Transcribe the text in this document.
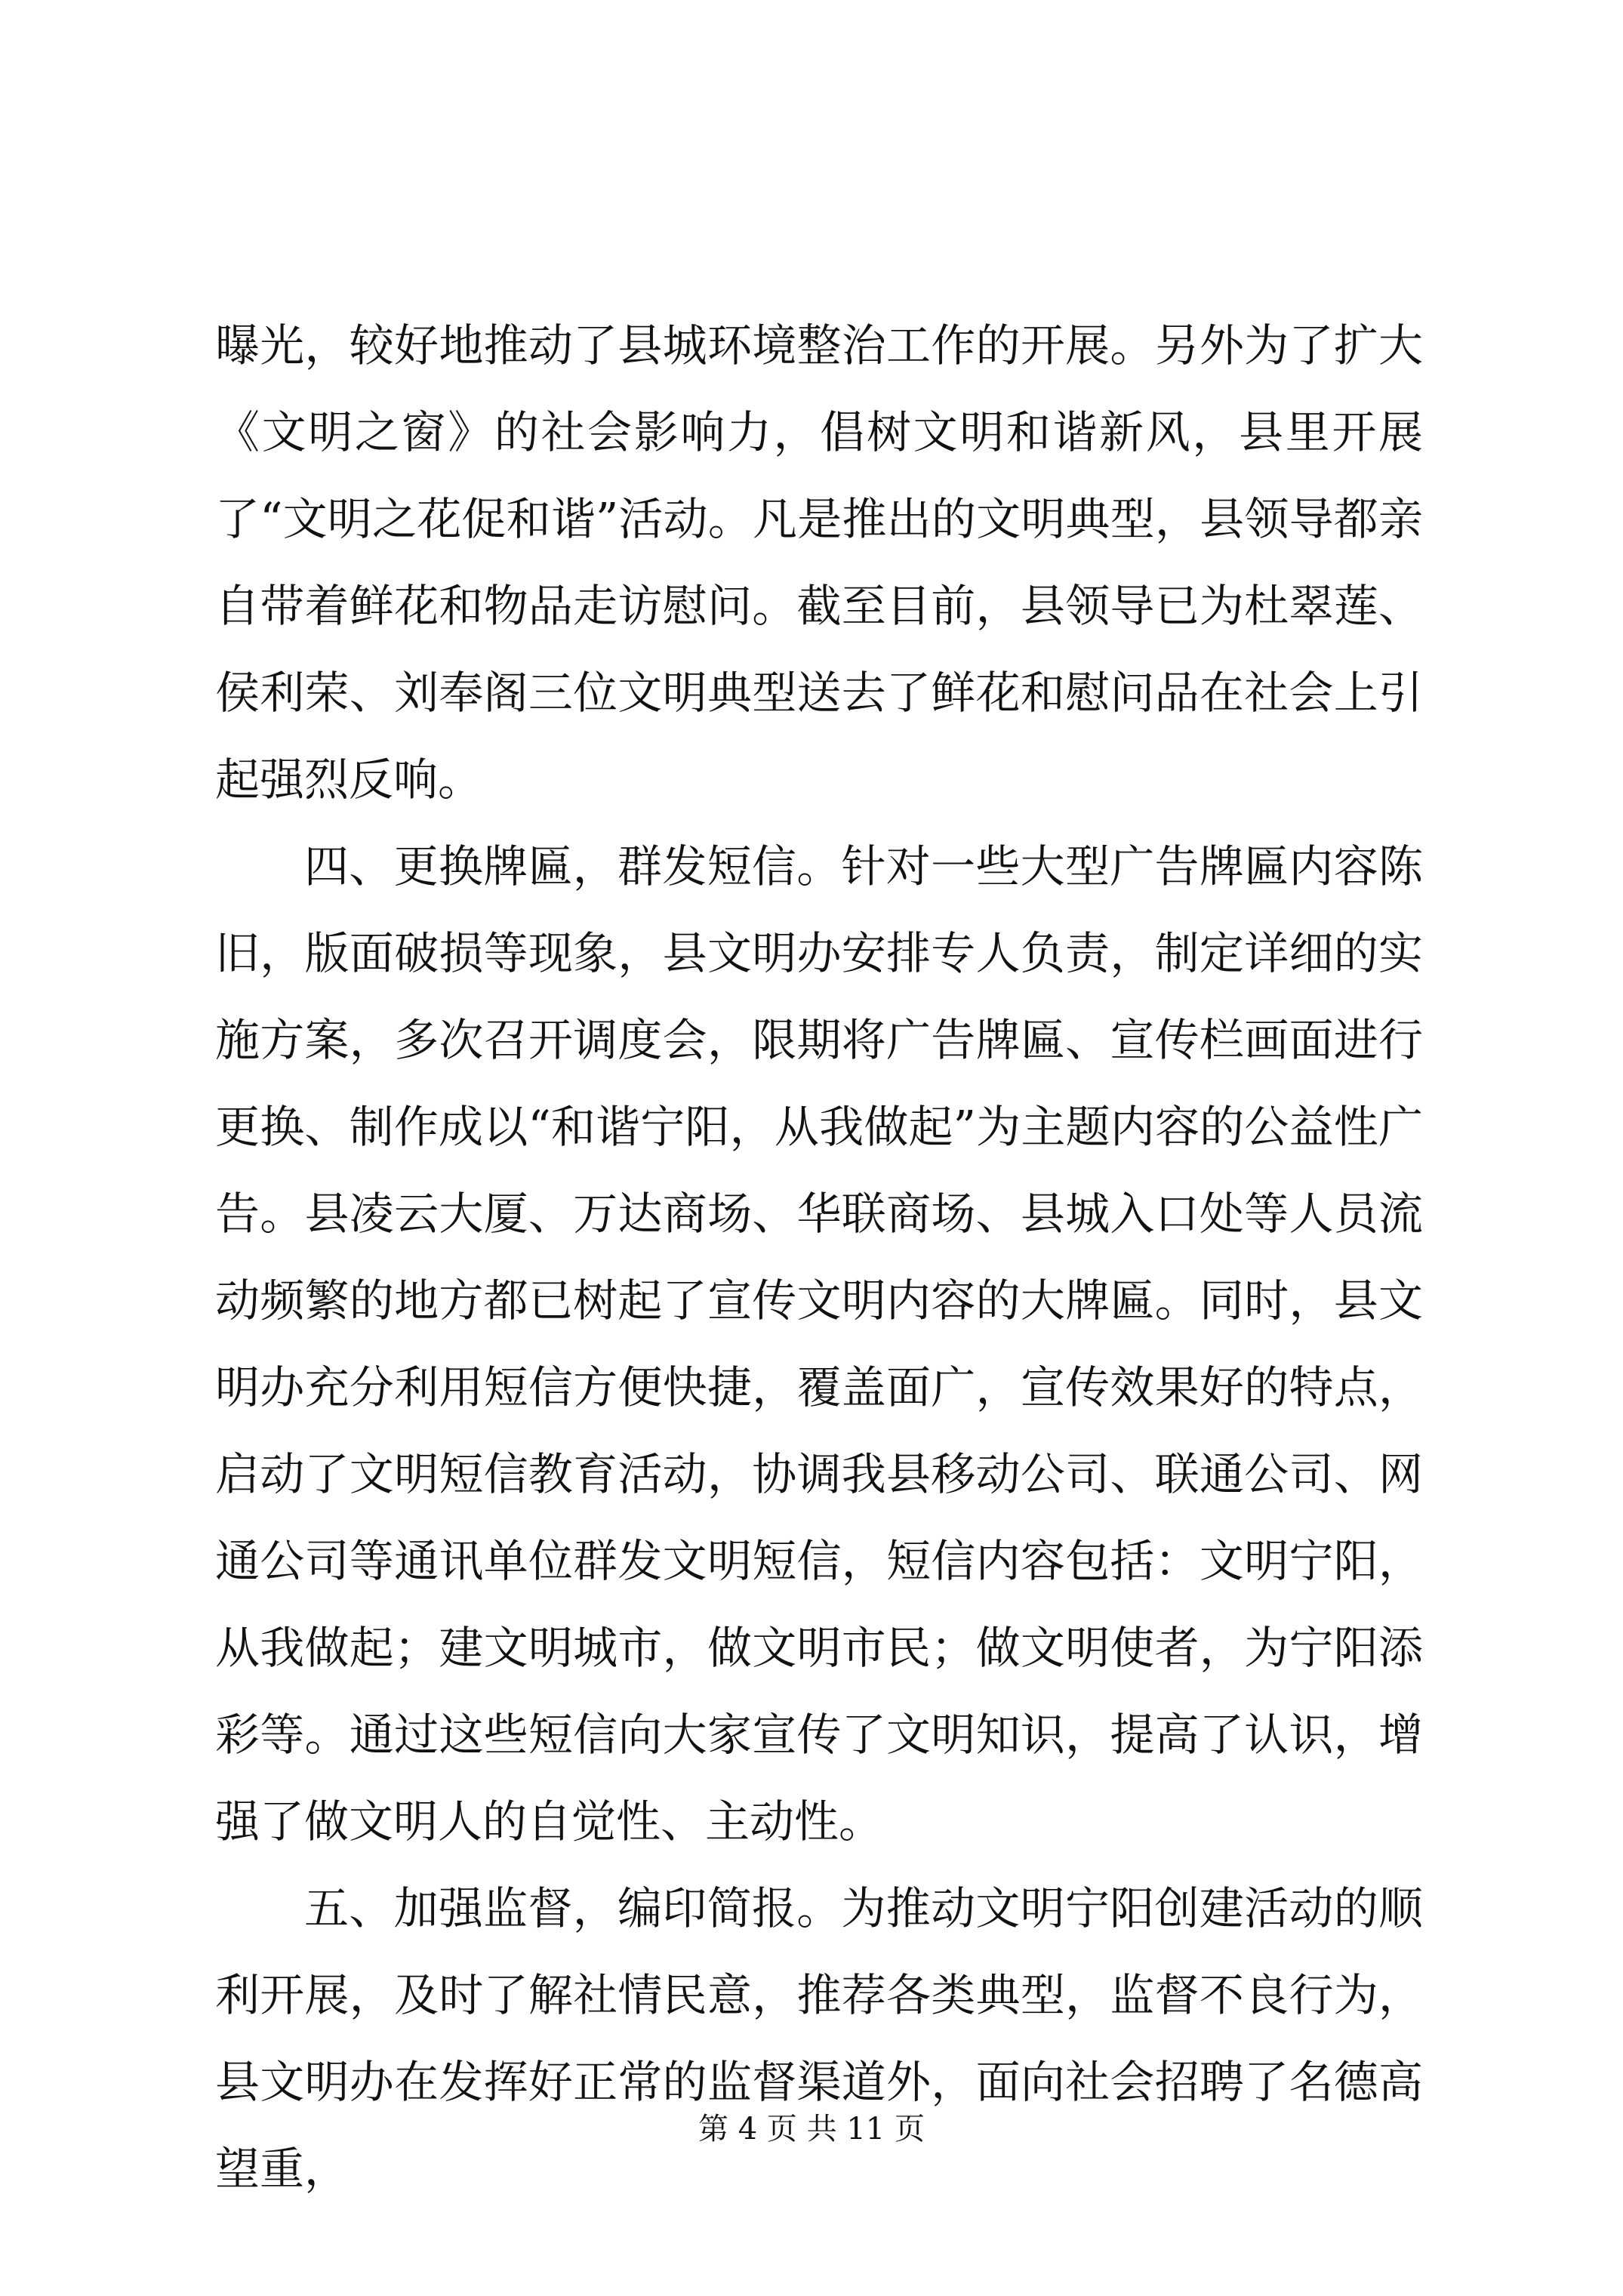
曝光，较好地推动了县城环境整治工作的开展。另外为了扩大《文明之窗》的社会影响力，倡树文明和谐新风，县里开展了“文明之花促和谐”活动。凡是推出的文明典型，县领导都亲自带着鲜花和物品走访慰问。截至目前，县领导已为杜翠莲、侯利荣、刘奉阁三位文明典型送去了鲜花和慰问品在社会上引起强烈反响。

四、更换牌匾，群发短信。针对一些大型广告牌匾内容陈旧，版面破损等现象，县文明办安排专人负责，制定详细的实施方案，多次召开调度会，限期将广告牌匾、宣传栏画面进行更换、制作成以“和谐宁阳，从我做起”为主题内容的公益性广告。县凌云大厦、万达商场、华联商场、县城入口处等人员流动频繁的地方都已树起了宣传文明内容的大牌匾。同时，县文明办充分利用短信方便快捷，覆盖面广，宣传效果好的特点，启动了文明短信教育活动，协调我县移动公司、联通公司、网通公司等通讯单位群发文明短信，短信内容包括：文明宁阳，从我做起；建文明城市，做文明市民；做文明使者，为宁阳添彩等。通过这些短信向大家宣传了文明知识，提高了认识，增强了做文明人的自觉性、主动性。

五、加强监督，编印简报。为推动文明宁阳创建活动的顺利开展，及时了解社情民意，推荐各类典型，监督不良行为，县文明办在发挥好正常的监督渠道外，面向社会招聘了名德高望重，

第 4 页 共 11 页
